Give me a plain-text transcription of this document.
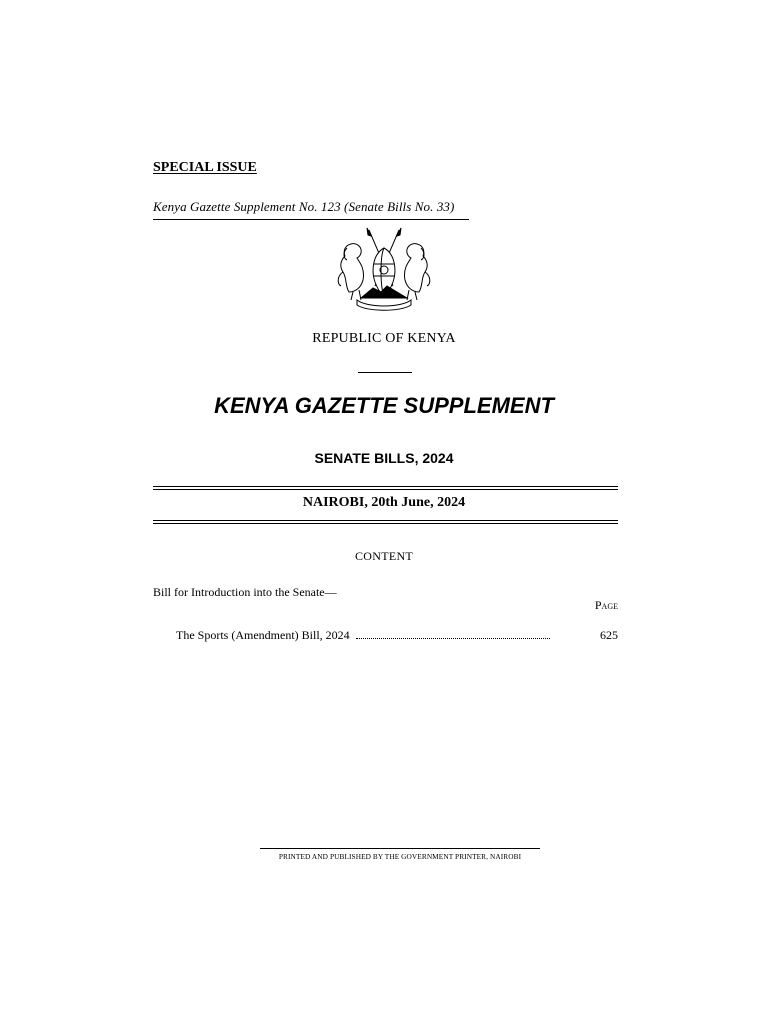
SPECIAL ISSUE
Kenya Gazette Supplement No. 123 (Senate Bills No. 33)
REPUBLIC OF KENYA
KENYA GAZETTE SUPPLEMENT
SENATE BILLS, 2024
NAIROBI, 20th June, 2024
CONTENT
Bill for Introduction into the Senate—
Page
The Sports (Amendment) Bill, 2024	625
PRINTED AND PUBLISHED BY THE GOVERNMENT PRINTER, NAIROBI
